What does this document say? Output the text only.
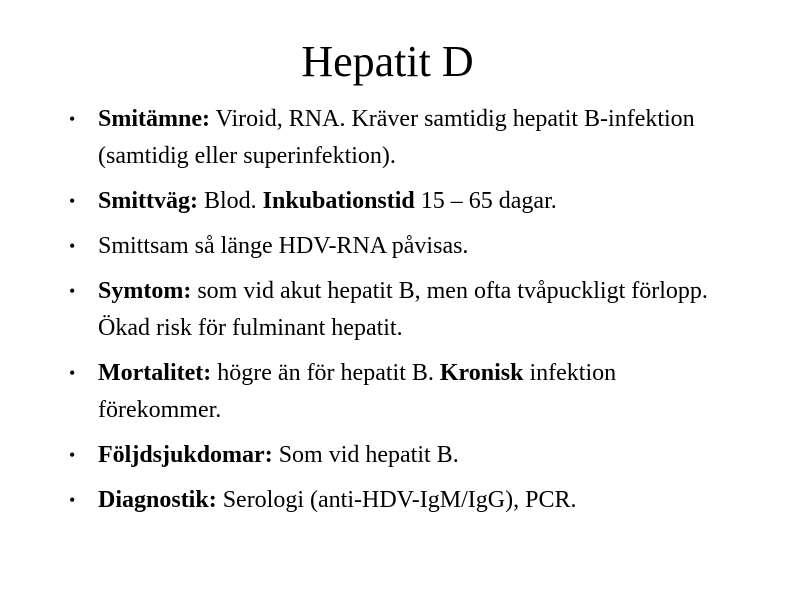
Hepatit D
• Smitämne: Viroid, RNA. Kräver samtidig hepatit B-infektion (samtidig eller superinfektion).
• Smittväg: Blod. Inkubationstid 15 – 65 dagar.
• Smittsam så länge HDV-RNA påvisas.
• Symtom: som vid akut hepatit B, men ofta tvåpuckligt förlopp. Ökad risk för fulminant hepatit.
• Mortalitet: högre än för hepatit B. Kronisk infektion förekommer.
• Följdsjukdomar: Som vid hepatit B.
• Diagnostik: Serologi (anti-HDV-IgM/IgG), PCR.
